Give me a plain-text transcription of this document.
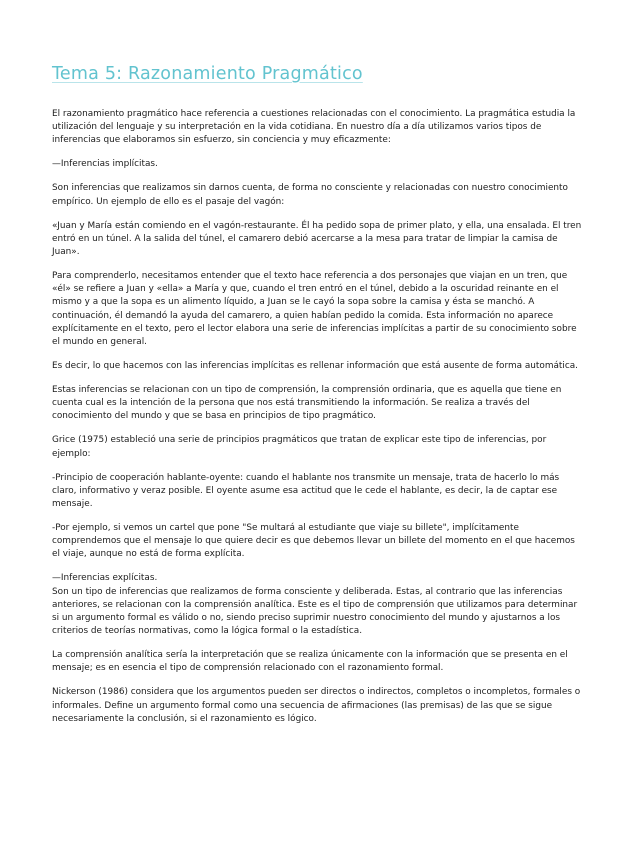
Tema 5: Razonamiento Pragmático

El razonamiento pragmático hace referencia a cuestiones relacionadas con el conocimiento. La pragmática estudia la utilización del lenguaje y su interpretación en la vida cotidiana. En nuestro día a día utilizamos varios tipos de inferencias que elaboramos sin esfuerzo, sin conciencia y muy eficazmente:

—Inferencias implícitas.

Son inferencias que realizamos sin darnos cuenta, de forma no consciente y relacionadas con nuestro conocimiento empírico. Un ejemplo de ello es el pasaje del vagón:

«Juan y María están comiendo en el vagón-restaurante. Él ha pedido sopa de primer plato, y ella, una ensalada. El tren entró en un túnel. A la salida del túnel, el camarero debió acercarse a la mesa para tratar de limpiar la camisa de Juan».

Para comprenderlo, necesitamos entender que el texto hace referencia a dos personajes que viajan en un tren, que «él» se refiere a Juan y «ella» a María y que, cuando el tren entró en el túnel, debido a la oscuridad reinante en el mismo y a que la sopa es un alimento líquido, a Juan se le cayó la sopa sobre la camisa y ésta se manchó. A continuación, él demandó la ayuda del camarero, a quien habían pedido la comida. Esta información no aparece explícitamente en el texto, pero el lector elabora una serie de inferencias implícitas a partir de su conocimiento sobre el mundo en general.

Es decir, lo que hacemos con las inferencias implícitas es rellenar información que está ausente de forma automática.

Estas inferencias se relacionan con un tipo de comprensión, la comprensión ordinaria, que es aquella que tiene en cuenta cual es la intención de la persona que nos está transmitiendo la información. Se realiza a través del conocimiento del mundo y que se basa en principios de tipo pragmático.

Grice (1975) estableció una serie de principios pragmáticos que tratan de explicar este tipo de inferencias, por ejemplo:

-Principio de cooperación hablante-oyente: cuando el hablante nos transmite un mensaje, trata de hacerlo lo más claro, informativo y veraz posible. El oyente asume esa actitud que le cede el hablante, es decir, la de captar ese mensaje.

-Por ejemplo, si vemos un cartel que pone "Se multará al estudiante que viaje su billete", implícitamente comprendemos que el mensaje lo que quiere decir es que debemos llevar un billete del momento en el que hacemos el viaje, aunque no está de forma explícita.

—Inferencias explícitas.

Son un tipo de inferencias que realizamos de forma consciente y deliberada. Estas, al contrario que las inferencias anteriores, se relacionan con la comprensión analítica. Este es el tipo de comprensión que utilizamos para determinar si un argumento formal es válido o no, siendo preciso suprimir nuestro conocimiento del mundo y ajustarnos a los criterios de teorías normativas, como la lógica formal o la estadística.

La comprensión analítica sería la interpretación que se realiza únicamente con la información que se presenta en el mensaje; es en esencia el tipo de comprensión relacionado con el razonamiento formal.

Nickerson (1986) considera que los argumentos pueden ser directos o indirectos, completos o incompletos, formales o informales. Define un argumento formal como una secuencia de afirmaciones (las premisas) de las que se sigue necesariamente la conclusión, si el razonamiento es lógico.
